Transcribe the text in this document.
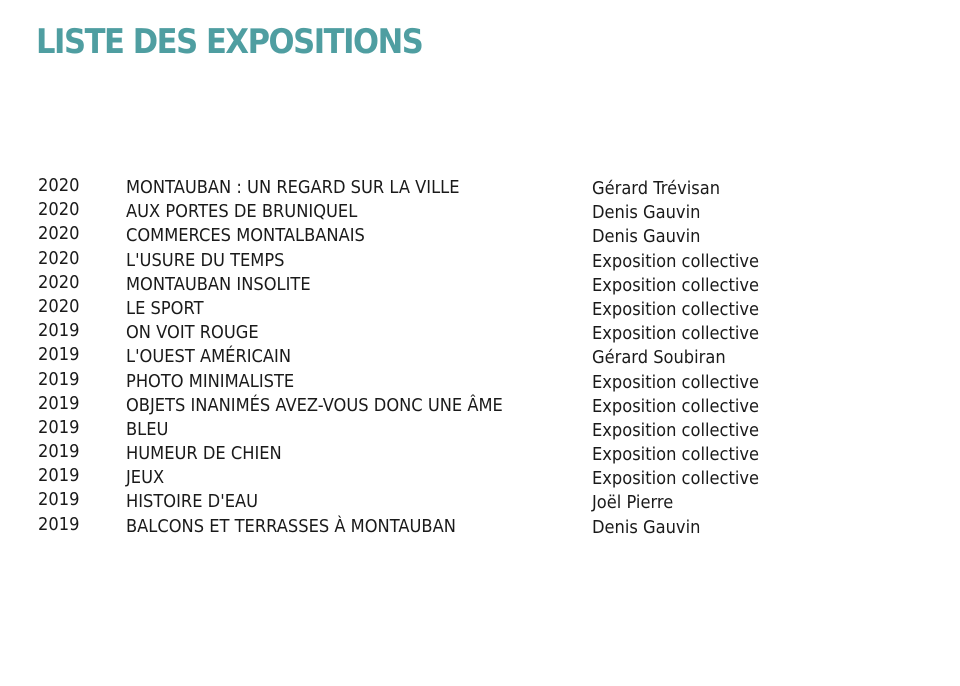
LISTE DES EXPOSITIONS
2020	MONTAUBAN : UN REGARD SUR LA VILLE	Gérard Trévisan
2020	AUX PORTES DE BRUNIQUEL	Denis Gauvin
2020	COMMERCES MONTALBANAIS	Denis Gauvin
2020	L'USURE DU TEMPS	Exposition collective
2020	MONTAUBAN INSOLITE	Exposition collective
2020	LE SPORT	Exposition collective
2019	ON VOIT ROUGE	Exposition collective
2019	L'OUEST AMÉRICAIN	Gérard Soubiran
2019	PHOTO MINIMALISTE	Exposition collective
2019	OBJETS INANIMÉS AVEZ-VOUS DONC UNE ÂME	Exposition collective
2019	BLEU	Exposition collective
2019	HUMEUR DE CHIEN	Exposition collective
2019	JEUX	Exposition collective
2019	HISTOIRE D'EAU	Joël Pierre
2019	BALCONS ET TERRASSES À MONTAUBAN	Denis Gauvin
